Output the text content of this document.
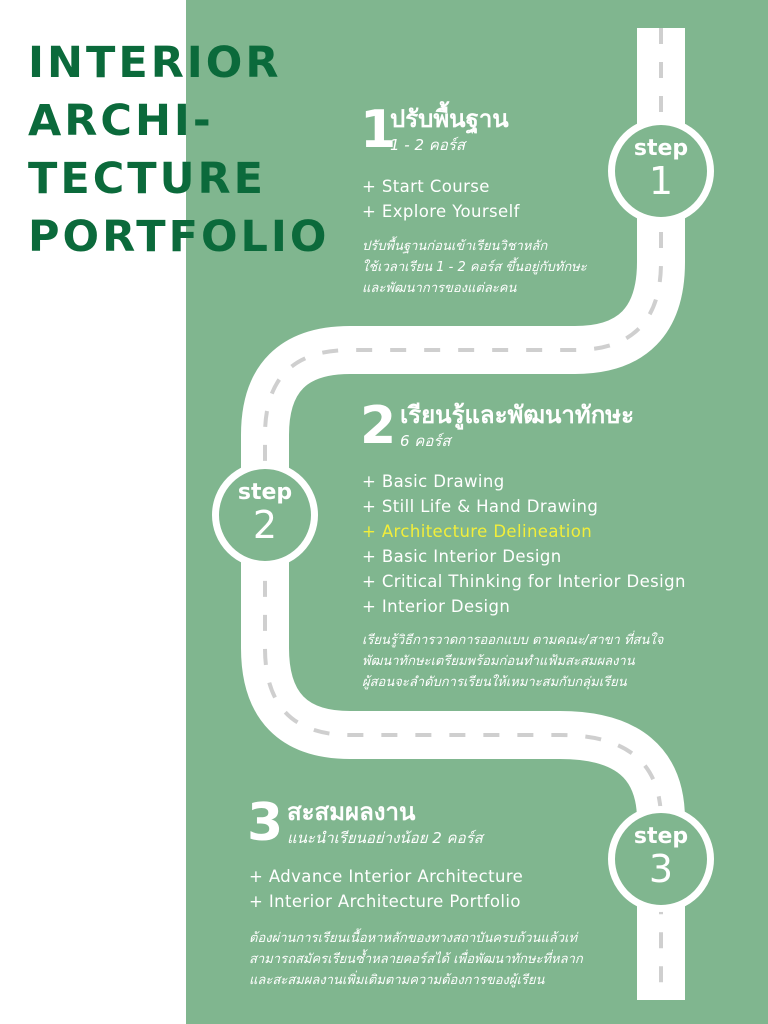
INTERIOR
ARCHI-
TECTURE
PORTFOLIO
step
1
step
2
step
3
1
ปรับพื้นฐาน
1 - 2 คอร์ส
+ Start Course
+ Explore Yourself

ปรับพื้นฐานก่อนเข้าเรียนวิชาหลัก
ใช้เวลาเรียน 1 - 2 คอร์ส ขึ้นอยู่กับทักษะ
และพัฒนาการของแต่ละคน

2 เรียนรู้และพัฒนาทักษะ
6 คอร์ส
+ Basic Drawing
+ Still Life & Hand Drawing
+ Architecture Delineation
+ Basic Interior Design
+ Critical Thinking for Interior Design
+ Interior Design

เรียนรู้วิธีการวาดการออกแบบ ตามคณะ/สาขา ที่สนใจ
พัฒนาทักษะเตรียมพร้อมก่อนทำแฟ้มสะสมผลงาน
ผู้สอนจะลำดับการเรียนให้เหมาะสมกับกลุ่มเรียน

3 สะสมผลงาน
แนะนำเรียนอย่างน้อย 2 คอร์ส
+ Advance Interior Architecture
+ Interior Architecture Portfolio

ต้องผ่านการเรียนเนื้อหาหลักของทางสถาบันครบถ้วนแล้วเท่
สามารถสมัครเรียนซ้ำหลายคอร์สได้ เพื่อพัฒนาทักษะที่หลาก
และสะสมผลงานเพิ่มเติมตามความต้องการของผู้เรียน
